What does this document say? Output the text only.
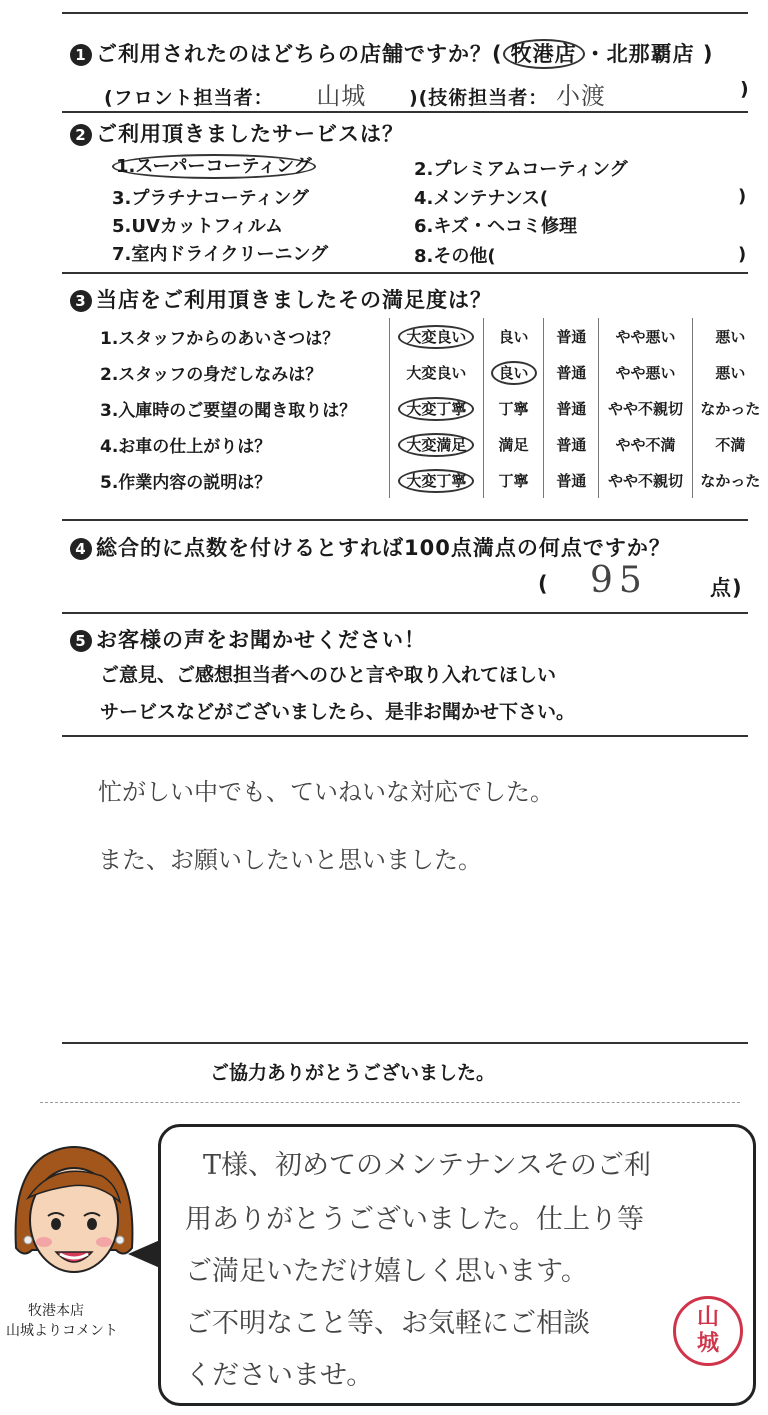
1 ご利用されたのはどちらの店舗ですか？( 牧港店 ・北那覇店 )
(フロント担当者： 山城 )(技術担当者： 小渡	)
2 ご利用頂きましたサービスは？
1.スーパーコーティング	2.プレミアムコーティング
3.プラチナコーティング	4.メンテナンス(	)
5.UVカットフィルム	6.キズ・ヘコミ修理
7.室内ドライクリーニング	8.その他(	)
3 当店をご利用頂きましたその満足度は？
1.スタッフからのあいさつは？	大変良い	良い	普通	やや悪い	悪い
2.スタッフの身だしなみは？	大変良い	良い	普通	やや悪い	悪い
3.入庫時のご要望の聞き取りは？	大変丁寧	丁寧	普通	やや不親切	なかった
4.お車の仕上がりは？	大変満足	満足	普通	やや不満	不満
5.作業内容の説明は？	大変丁寧	丁寧	普通	やや不親切	なかった
4 総合的に点数を付けるとすれば100点満点の何点ですか？
( 95	点)
5 お客様の声をお聞かせください！
ご意見、ご感想担当者へのひと言や取り入れてほしい
サービスなどがございましたら、是非お聞かせ下さい。
忙がしい中でも、ていねいな対応でした。
また、お願いしたいと思いました。
ご協力ありがとうございました。
牧港本店
山城よりコメント
T様、初めてのメンテナンスそのご利
用ありがとうございました。仕上り等
ご満足いただけ嬉しく思います。
ご不明なこと等、お気軽にご相談
くださいませ。
山
城
